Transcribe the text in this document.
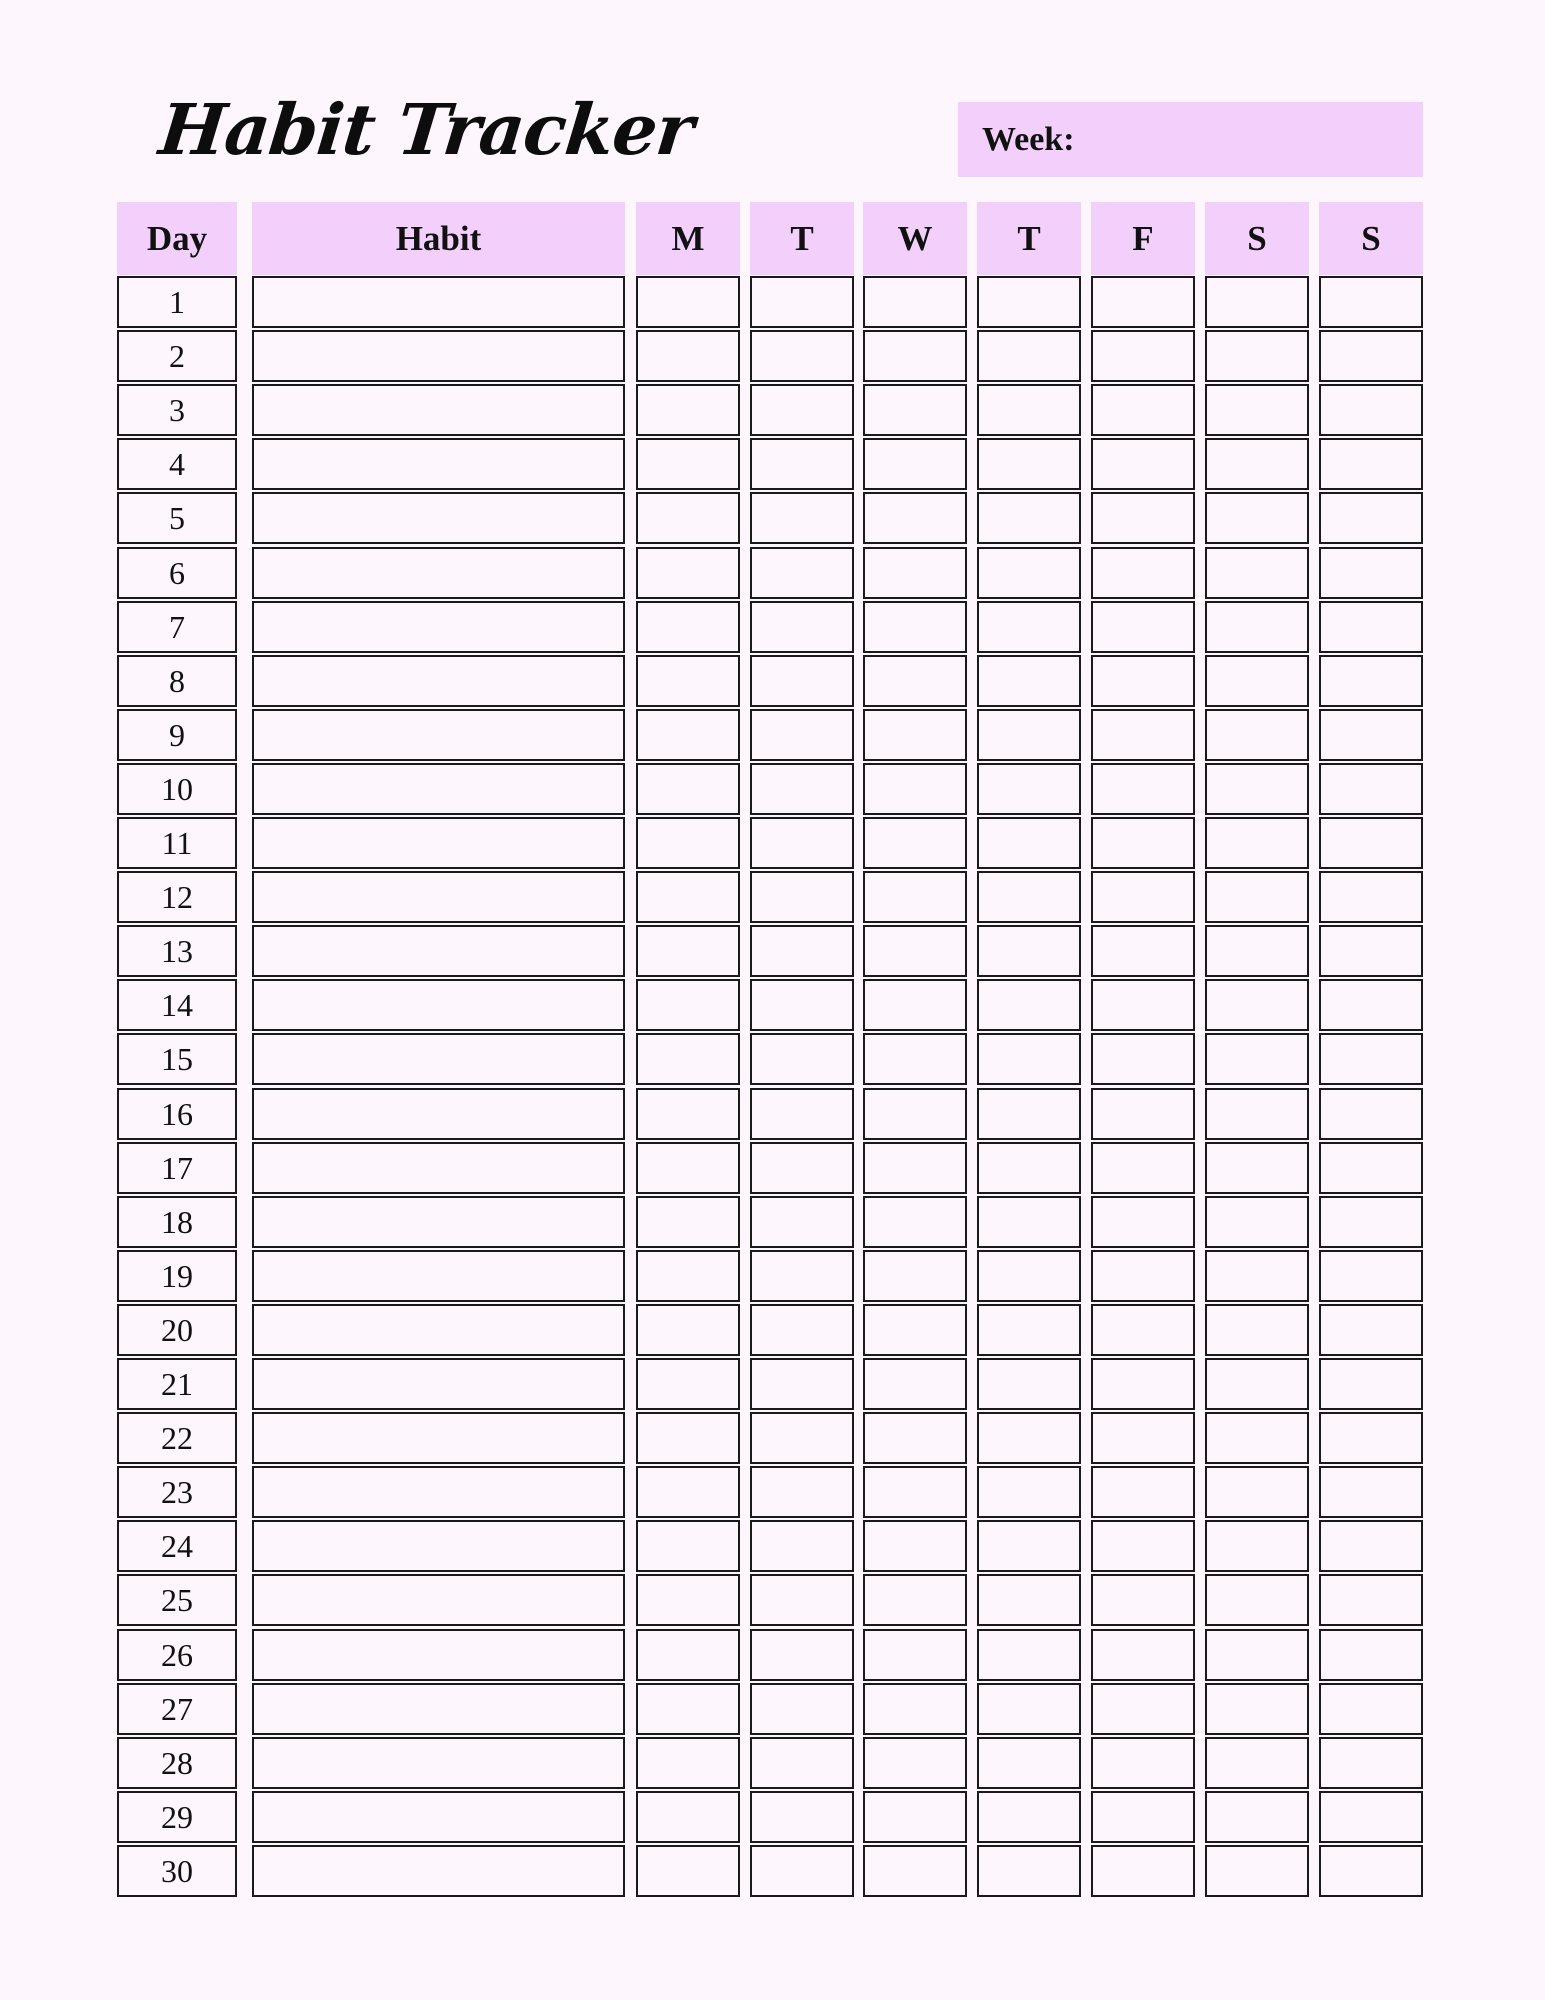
Habit Tracker	Week:
Day	Habit	M	T	W	T	F	S	S
1
2
3
4
5
6
7
8
9
10
11
12
13
14
15
16
17
18
19
20
21
22
23
24
25
26
27
28
29
30
